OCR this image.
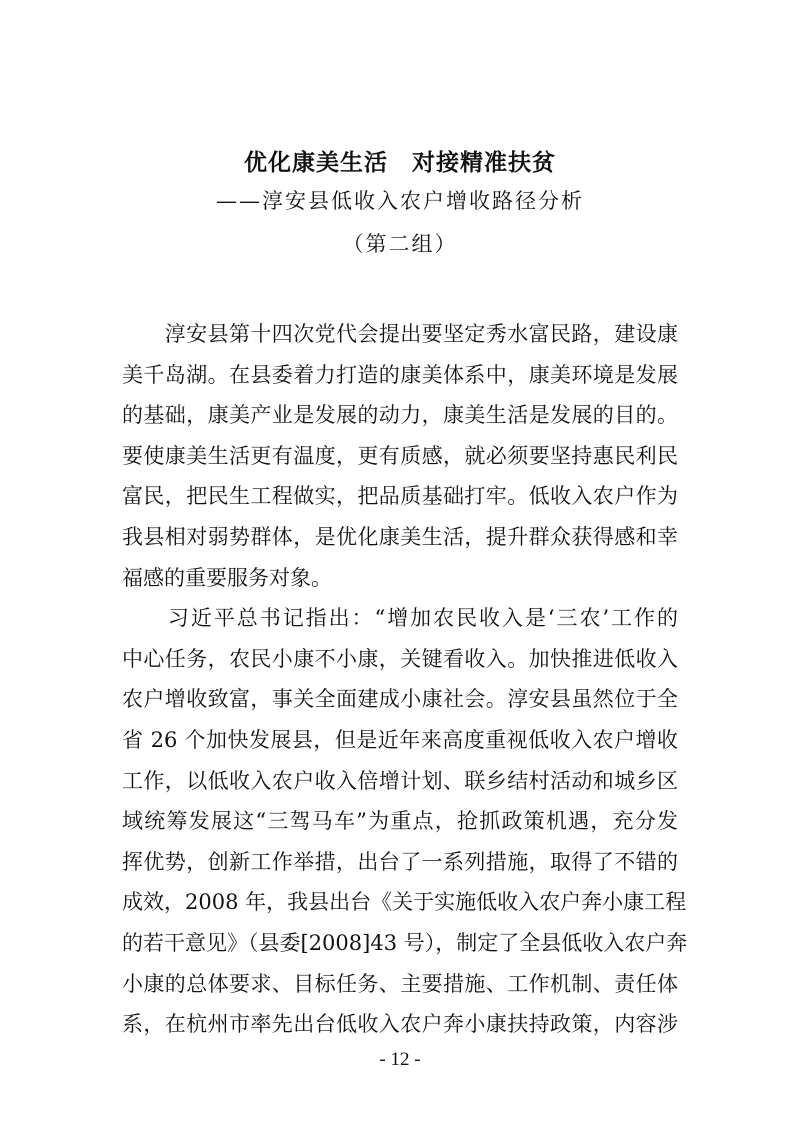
优化康美生活　对接精准扶贫
——淳安县低收入农户增收路径分析
（第二组）
　　淳安县第十四次党代会提出要坚定秀水富民路，建设康
美千岛湖。在县委着力打造的康美体系中，康美环境是发展
的基础，康美产业是发展的动力，康美生活是发展的目的。
要使康美生活更有温度，更有质感，就必须要坚持惠民利民
富民，把民生工程做实，把品质基础打牢。低收入农户作为
我县相对弱势群体，是优化康美生活，提升群众获得感和幸
福感的重要服务对象。
　　习近平总书记指出：“增加农民收入是‘三农’工作的
中心任务，农民小康不小康，关键看收入。加快推进低收入
农户增收致富，事关全面建成小康社会。淳安县虽然位于全
省 26 个加快发展县，但是近年来高度重视低收入农户增收
工作，以低收入农户收入倍增计划、联乡结村活动和城乡区
域统筹发展这“三驾马车”为重点，抢抓政策机遇，充分发
挥优势，创新工作举措，出台了一系列措施，取得了不错的
成效，2008 年，我县出台《关于实施低收入农户奔小康工程
的若干意见》（县委[2008]43 号），制定了全县低收入农户奔
小康的总体要求、目标任务、主要措施、工作机制、责任体
系，在杭州市率先出台低收入农户奔小康扶持政策，内容涉
- 12 -
